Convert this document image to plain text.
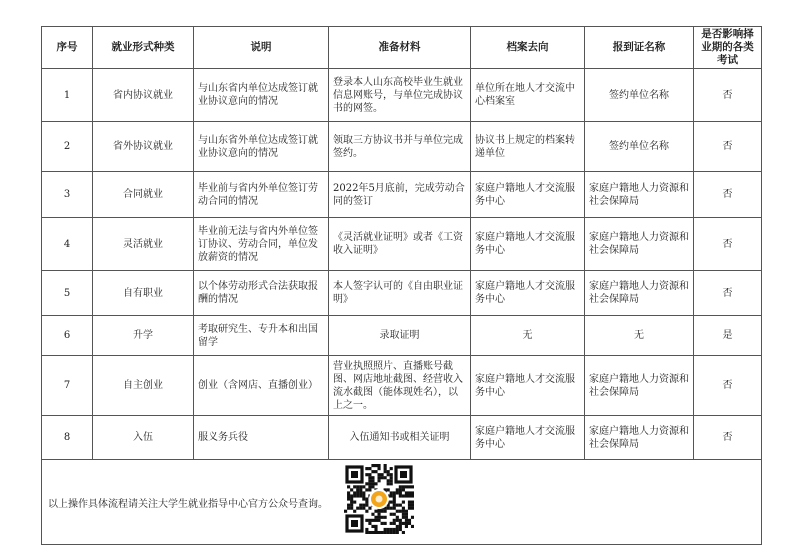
序号	就业形式种类	说明	准备材料	档案去向	报到证名称	是否影响择业期的各类考试
1	省内协议就业	与山东省内单位达成签订就业协议意向的情况	登录本人山东高校毕业生就业信息网账号，与单位完成协议书的网签。	单位所在地人才交流中心档案室	签约单位名称	否
2	省外协议就业	与山东省外单位达成签订就业协议意向的情况	领取三方协议书并与单位完成签约。	协议书上规定的档案转递单位	签约单位名称	否
3	合同就业	毕业前与省内外单位签订劳动合同的情况	2022年5月底前，完成劳动合同的签订	家庭户籍地人才交流服务中心	家庭户籍地人力资源和社会保障局	否
4	灵活就业	毕业前无法与省内外单位签订协议、劳动合同，单位发放薪资的情况	《灵活就业证明》或者《工资收入证明》	家庭户籍地人才交流服务中心	家庭户籍地人力资源和社会保障局	否
5	自有职业	以个体劳动形式合法获取报酬的情况	本人签字认可的《自由职业证明》	家庭户籍地人才交流服务中心	家庭户籍地人力资源和社会保障局	否
6	升学	考取研究生、专升本和出国留学	录取证明	无	无	是
7	自主创业	创业（含网店、直播创业）	营业执照照片、直播账号截图、网店地址截图、经营收入流水截图（能体现姓名），以上之一。	家庭户籍地人才交流服务中心	家庭户籍地人力资源和社会保障局	否
8	入伍	服义务兵役	入伍通知书或相关证明	家庭户籍地人才交流服务中心	家庭户籍地人力资源和社会保障局	否

以上操作具体流程请关注大学生就业指导中心官方公众号查询。						
